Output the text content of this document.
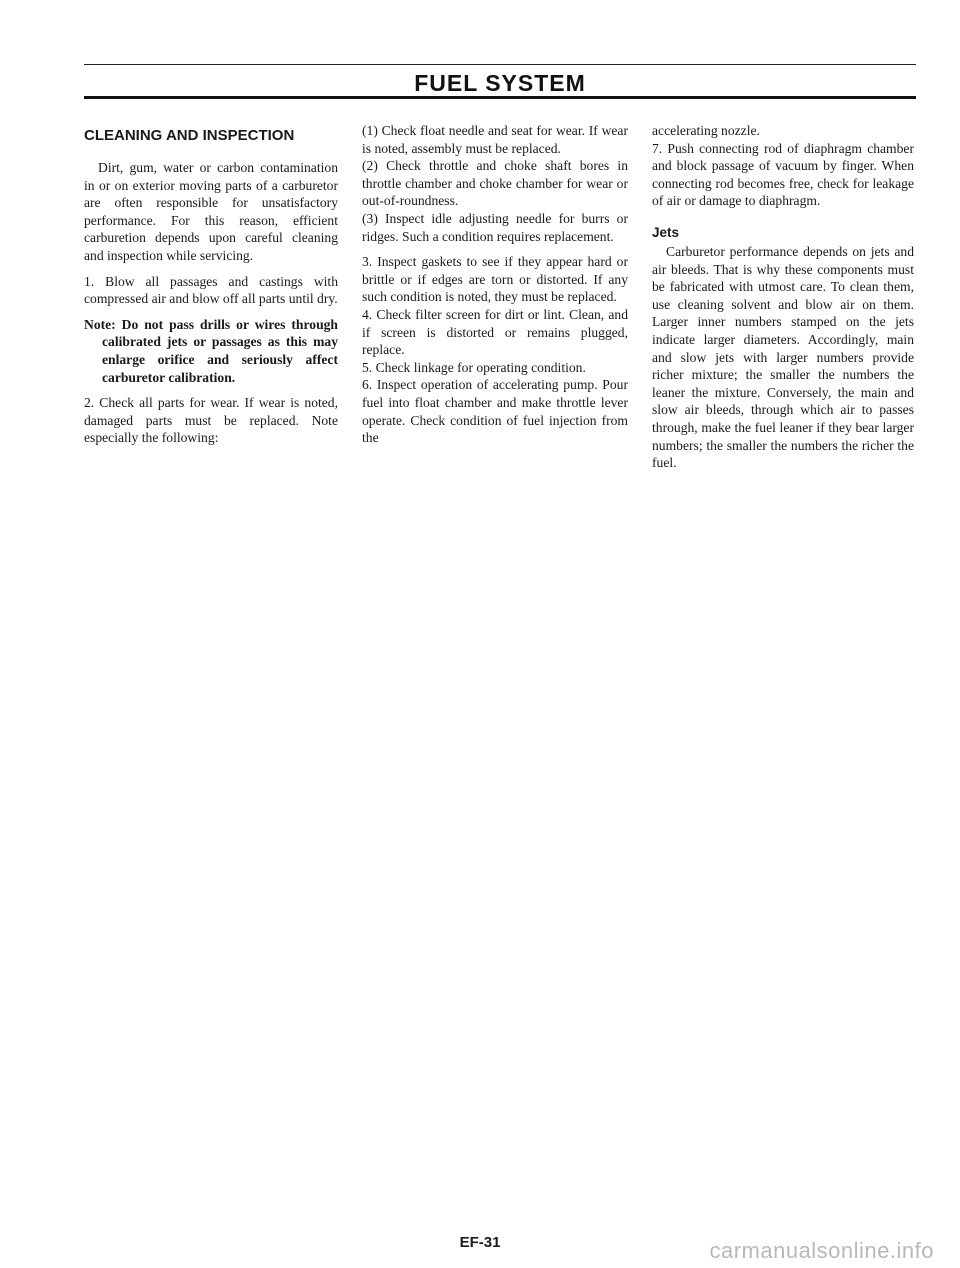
FUEL SYSTEM
CLEANING AND INSPECTION

Dirt, gum, water or carbon contamination in or on exterior moving parts of a carburetor are often responsible for unsatisfactory performance. For this reason, efficient carburetion depends upon careful cleaning and inspection while servicing.

1. Blow all passages and castings with compressed air and blow off all parts until dry.

Note: Do not pass drills or wires through calibrated jets or passages as this may enlarge orifice and seriously affect carburetor calibration.

2. Check all parts for wear. If wear is noted, damaged parts must be replaced. Note especially the following:

(1) Check float needle and seat for wear. If wear is noted, assembly must be replaced.

(2) Check throttle and choke shaft bores in throttle chamber and choke chamber for wear or out-of-roundness.

(3) Inspect idle adjusting needle for burrs or ridges. Such a condition requires replacement.

3. Inspect gaskets to see if they appear hard or brittle or if edges are torn or distorted. If any such condition is noted, they must be replaced.

4. Check filter screen for dirt or lint. Clean, and if screen is distorted or remains plugged, replace.

5. Check linkage for operating condition.

6. Inspect operation of accelerating pump. Pour fuel into float chamber and make throttle lever operate. Check condition of fuel injection from the

accelerating nozzle.

7. Push connecting rod of diaphragm chamber and block passage of vacuum by finger. When connecting rod becomes free, check for leakage of air or damage to diaphragm.

Jets

Carburetor performance depends on jets and air bleeds. That is why these components must be fabricated with utmost care. To clean them, use cleaning solvent and blow air on them. Larger inner numbers stamped on the jets indicate larger diameters. Accordingly, main and slow jets with larger numbers provide richer mixture; the smaller the numbers the leaner the mixture. Conversely, the main and slow air bleeds, through which air to passes through, make the fuel leaner if they bear larger numbers; the smaller the numbers the richer the fuel.

EF-31	carmanualsonline.info
